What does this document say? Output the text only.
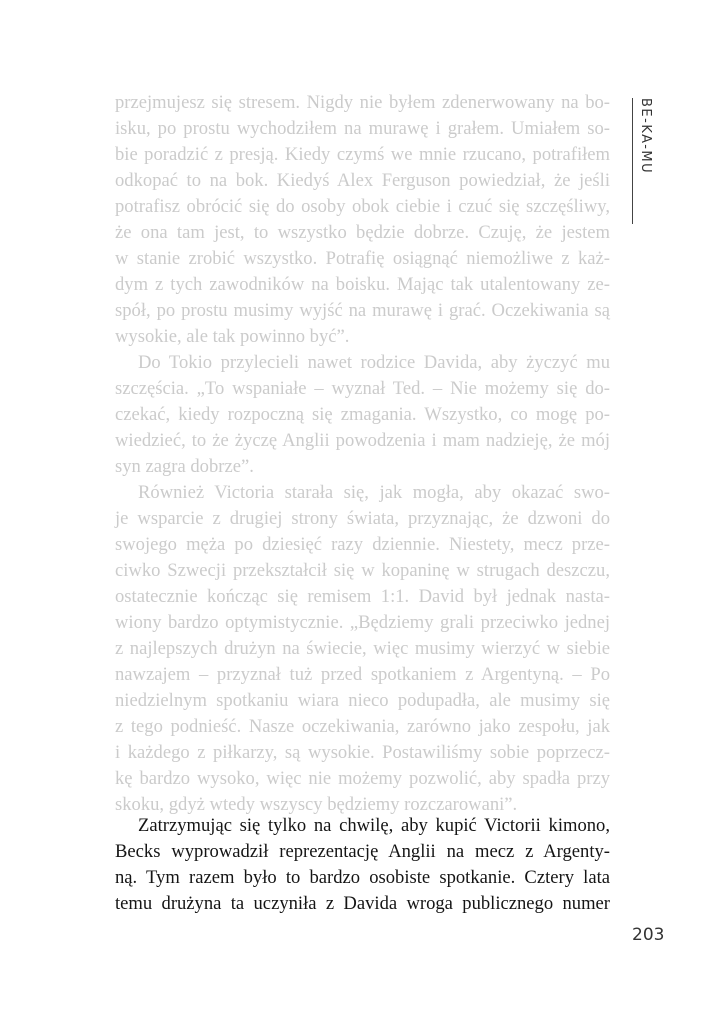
BE-KA-MU
przejmujesz się stresem. Nigdy nie byłem zdenerwowany na bo-
isku, po prostu wychodziłem na murawę i grałem. Umiałem so-
bie poradzić z presją. Kiedy czymś we mnie rzucano, potrafiłem
odkopać to na bok. Kiedyś Alex Ferguson powiedział, że jeśli
potrafisz obrócić się do osoby obok ciebie i czuć się szczęśliwy,
że ona tam jest, to wszystko będzie dobrze. Czuję, że jestem
w stanie zrobić wszystko. Potrafię osiągnąć niemożliwe z każ-
dym z tych zawodników na boisku. Mając tak utalentowany ze-
spół, po prostu musimy wyjść na murawę i grać. Oczekiwania są
wysokie, ale tak powinno być”.
Do Tokio przylecieli nawet rodzice Davida, aby życzyć mu
szczęścia. „To wspaniałe – wyznał Ted. – Nie możemy się do-
czekać, kiedy rozpoczną się zmagania. Wszystko, co mogę po-
wiedzieć, to że życzę Anglii powodzenia i mam nadzieję, że mój
syn zagra dobrze”.
Również Victoria starała się, jak mogła, aby okazać swo-
je wsparcie z drugiej strony świata, przyznając, że dzwoni do
swojego męża po dziesięć razy dziennie. Niestety, mecz prze-
ciwko Szwecji przekształcił się w kopaninę w strugach deszczu,
ostatecznie kończąc się remisem 1:1. David był jednak nasta-
wiony bardzo optymistycznie. „Będziemy grali przeciwko jednej
z najlepszych drużyn na świecie, więc musimy wierzyć w siebie
nawzajem – przyznał tuż przed spotkaniem z Argentyną. – Po
niedzielnym spotkaniu wiara nieco podupadła, ale musimy się
z tego podnieść. Nasze oczekiwania, zarówno jako zespołu, jak
i każdego z piłkarzy, są wysokie. Postawiliśmy sobie poprzecz-
kę bardzo wysoko, więc nie możemy pozwolić, aby spadła przy
skoku, gdyż wtedy wszyscy będziemy rozczarowani”.
Zatrzymując się tylko na chwilę, aby kupić Victorii kimono,
Becks wyprowadził reprezentację Anglii na mecz z Argenty-
ną. Tym razem było to bardzo osobiste spotkanie. Cztery lata
temu drużyna ta uczyniła z Davida wroga publicznego numer
203
